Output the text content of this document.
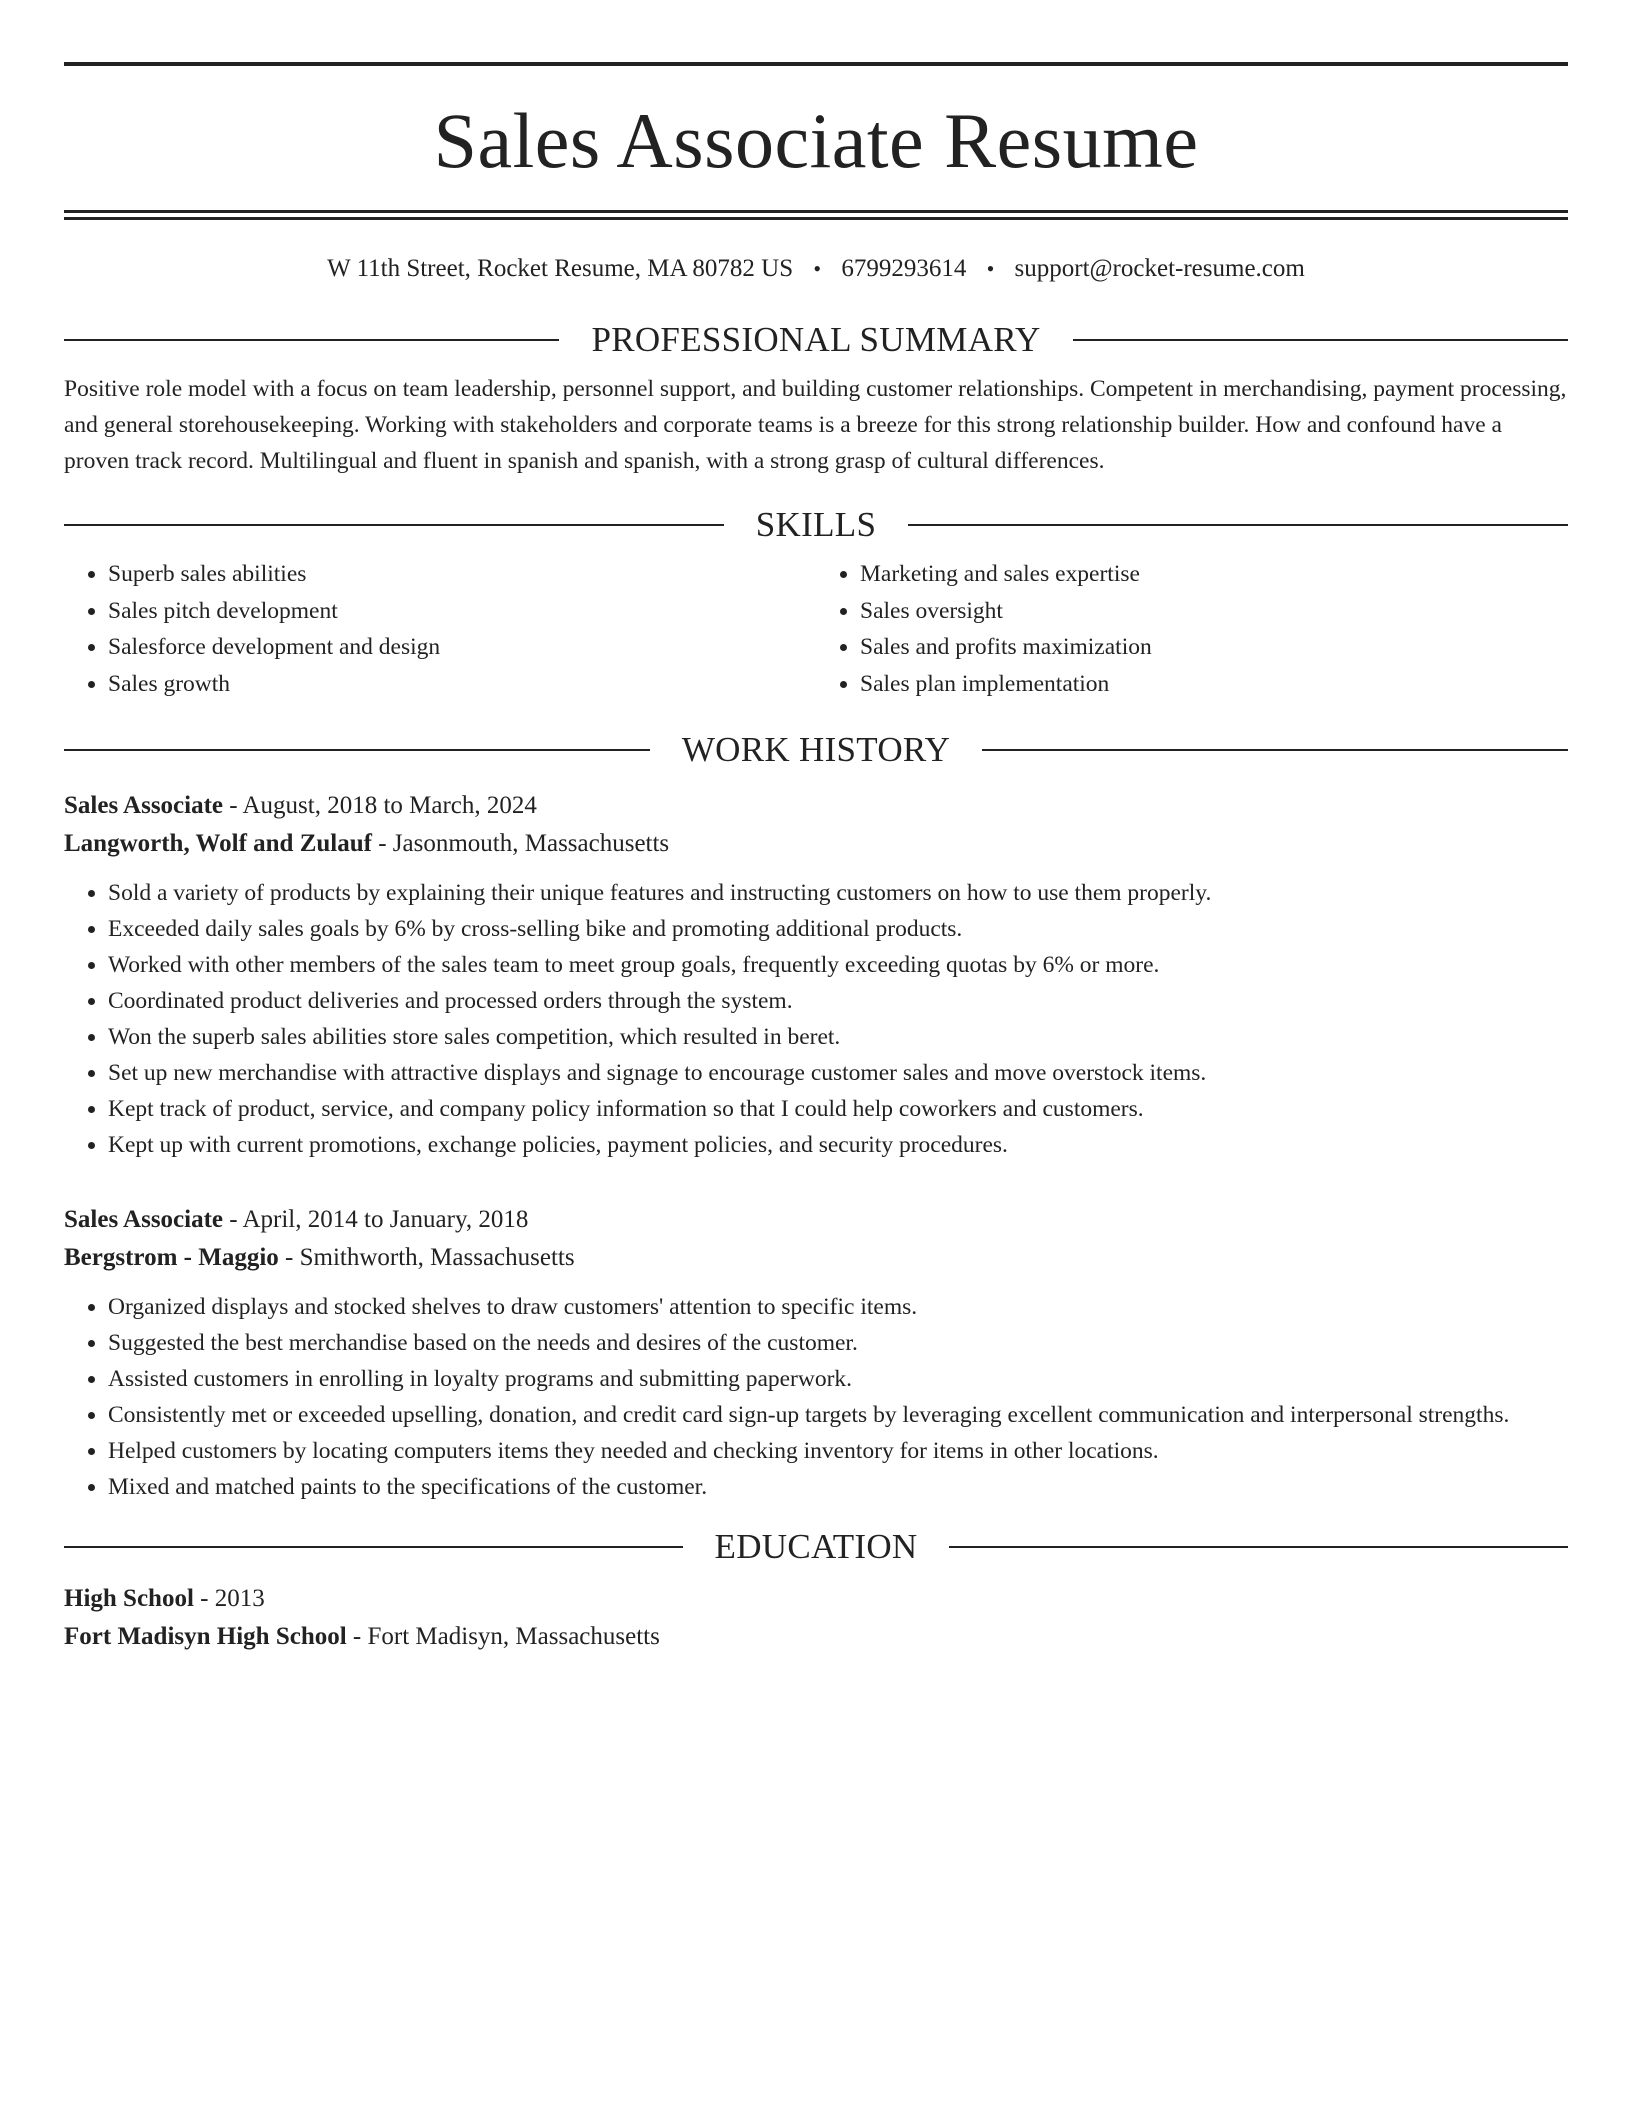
Sales Associate Resume
W 11th Street, Rocket Resume, MA 80782 US • 6799293614 • support@rocket-resume.com
PROFESSIONAL SUMMARY

Positive role model with a focus on team leadership, personnel support, and building customer relationships. Competent in merchandising, payment processing, and general storehousekeeping. Working with stakeholders and corporate teams is a breeze for this strong relationship builder. How and confound have a proven track record. Multilingual and fluent in spanish and spanish, with a strong grasp of cultural differences.

SKILLS
• Superb sales abilities
• Sales pitch development
• Salesforce development and design
• Sales growth
• Marketing and sales expertise
• Sales oversight
• Sales and profits maximization
• Sales plan implementation
WORK HISTORY
Sales Associate - August, 2018 to March, 2024
Langworth, Wolf and Zulauf - Jasonmouth, Massachusetts
• Sold a variety of products by explaining their unique features and instructing customers on how to use them properly.
• Exceeded daily sales goals by 6% by cross-selling bike and promoting additional products.
• Worked with other members of the sales team to meet group goals, frequently exceeding quotas by 6% or more.
• Coordinated product deliveries and processed orders through the system.
• Won the superb sales abilities store sales competition, which resulted in beret.
• Set up new merchandise with attractive displays and signage to encourage customer sales and move overstock items.
• Kept track of product, service, and company policy information so that I could help coworkers and customers.
• Kept up with current promotions, exchange policies, payment policies, and security procedures.
Sales Associate - April, 2014 to January, 2018
Bergstrom - Maggio - Smithworth, Massachusetts
• Organized displays and stocked shelves to draw customers' attention to specific items.
• Suggested the best merchandise based on the needs and desires of the customer.
• Assisted customers in enrolling in loyalty programs and submitting paperwork.
• Consistently met or exceeded upselling, donation, and credit card sign-up targets by leveraging excellent communication and interpersonal strengths.
• Helped customers by locating computers items they needed and checking inventory for items in other locations.
• Mixed and matched paints to the specifications of the customer.
EDUCATION
High School - 2013
Fort Madisyn High School - Fort Madisyn, Massachusetts
